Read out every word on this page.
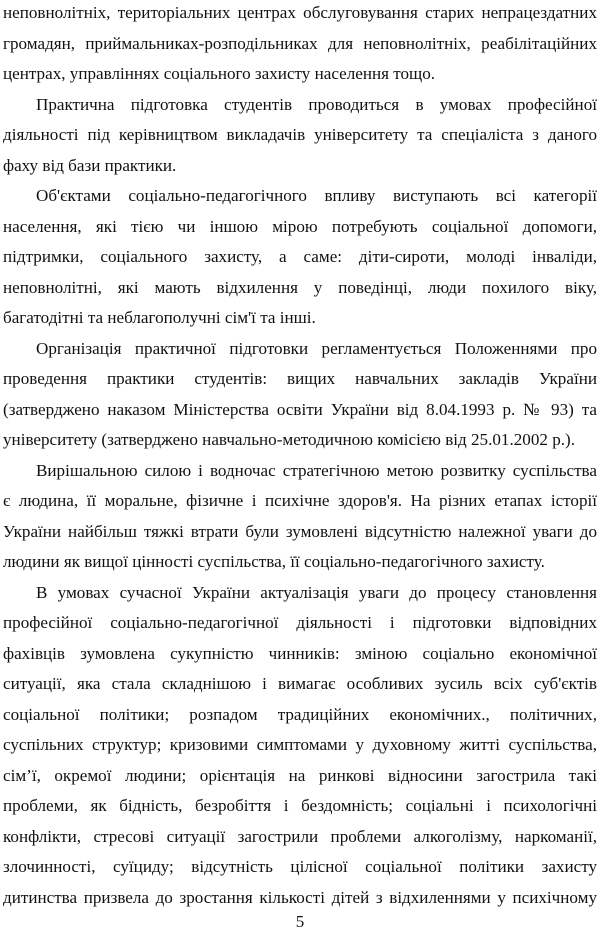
неповнолітніх, територіальних центрах обслуговування старих непрацездатних
громадян, приймальниках-розподільниках для неповнолітніх, реабілітаційних
центрах, управліннях соціального захисту населення тощо.
Практична підготовка студентів проводиться в умовах професійної
діяльності під керівництвом викладачів університету та спеціаліста з даного
фаху від бази практики.
Об'єктами соціально-педагогічного впливу виступають всі категорії
населення, які тією чи іншою мірою потребують соціальної допомоги,
підтримки, соціального захисту, а саме: діти-сироти, молоді інваліди,
неповнолітні, які мають відхилення у поведінці, люди похилого віку,
багатодітні та неблагополучні сім'ї та інші.
Організація практичної підготовки регламентується Положеннями про
проведення практики студентів: вищих навчальних закладів України
(затверджено наказом Міністерства освіти України від 8.04.1993 р. № 93) та
університету (затверджено навчально-методичною комісією від 25.01.2002 р.).
Вирішальною силою і водночас стратегічною метою розвитку суспільства
є людина, її моральне, фізичне і психічне здоров'я. На різних етапах історії
України найбільш тяжкі втрати були зумовлені відсутністю належної уваги до
людини як вищої цінності суспільства, її соціально-педагогічного захисту.
В умовах сучасної України актуалізація уваги до процесу становлення
професійної соціально-педагогічної діяльності і підготовки відповідних
фахівців зумовлена сукупністю чинників: зміною соціально економічної
ситуації, яка стала складнішою і вимагає особливих зусиль всіх суб'єктів
соціальної політики; розпадом традиційних економічних., політичних,
суспільних структур; кризовими симптомами у духовному житті суспільства,
сім’ї, окремої людини; орієнтація на ринкові відносини загострила такі
проблеми, як бідність, безробіття і бездомність; соціальні і психологічні
конфлікти, стресові ситуації загострили проблеми алкоголізму, наркоманії,
злочинності, суїциду; відсутність цілісної соціальної політики захисту
дитинства призвела до зростання кількості дітей з відхиленнями у психічному
5
